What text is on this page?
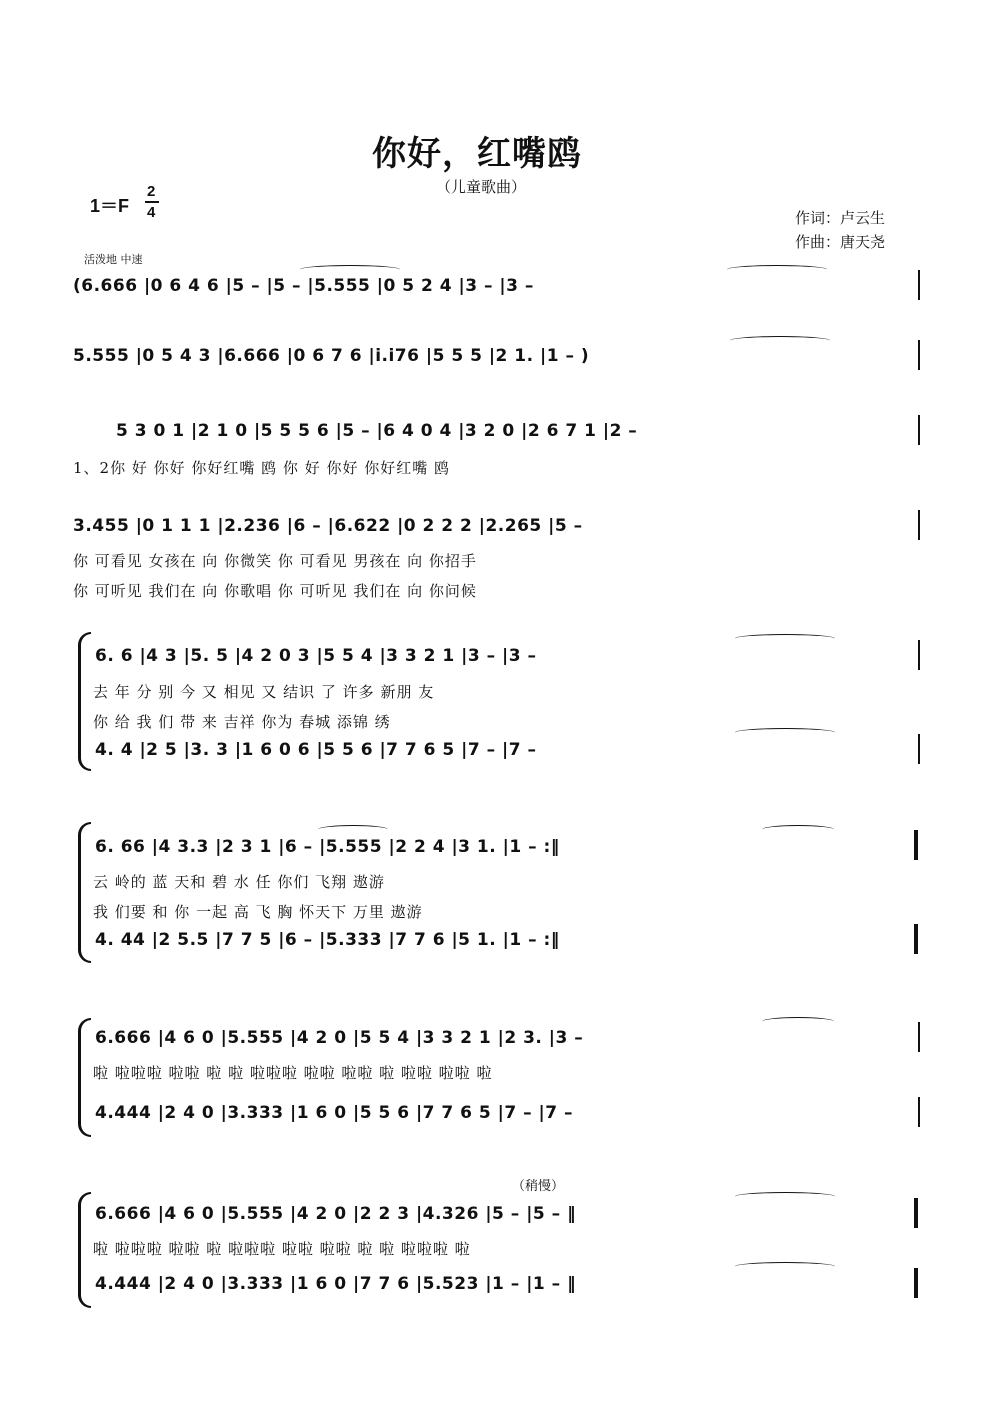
你好，红嘴鸥
（儿童歌曲）
1＝F
2
4	作词：卢云生
作曲：唐天尧
活泼地 中速
(6.666 |0 6 4 6 |5 – |5 – |5.555 |0 5 2 4 |3 – |3 –
5.555 |0 5 4 3 |6.666 |0 6 7 6 |i.i76 |5 5 5 |2 1. |1 – )
5 3 0 1 |2 1 0 |5 5 5 6 |5 – |6 4 0 4 |3 2 0 |2 6 7 1 |2 –
1、2你 好 你好 你好红嘴 鸥 你 好 你好 你好红嘴 鸥
3.455 |0 1 1 1 |2.236 |6 – |6.622 |0 2 2 2 |2.265 |5 –
你 可看见 女孩在 向 你微笑 你 可看见 男孩在 向 你招手
你 可听见 我们在 向 你歌唱 你 可听见 我们在 向 你问候
6. 6 |4 3 |5. 5 |4 2 0 3 |5 5 4 |3 3 2 1 |3 – |3 –
去 年 分 别 今 又 相见 又 结识 了 许多 新朋 友
你 给 我 们 带 来 吉祥 你为 春城 添锦 绣
4. 4 |2 5 |3. 3 |1 6 0 6 |5 5 6 |7 7 6 5 |7 – |7 –
6. 66 |4 3.3 |2 3 1 |6 – |5.555 |2 2 4 |3 1. |1 – :‖
云 岭的 蓝 天和 碧 水 任 你们 飞翔 遨游
我 们要 和 你 一起 高 飞 胸 怀天下 万里 遨游
4. 44 |2 5.5 |7 7 5 |6 – |5.333 |7 7 6 |5 1. |1 – :‖
6.666 |4 6 0 |5.555 |4 2 0 |5 5 4 |3 3 2 1 |2 3. |3 –
啦 啦啦啦 啦啦 啦 啦 啦啦啦 啦啦 啦啦 啦 啦啦 啦啦 啦
4.444 |2 4 0 |3.333 |1 6 0 |5 5 6 |7 7 6 5 |7 – |7 –
（稍慢）
6.666 |4 6 0 |5.555 |4 2 0 |2 2 3 |4.326 |5 – |5 – ‖
啦 啦啦啦 啦啦 啦 啦啦啦 啦啦 啦啦 啦 啦 啦啦啦 啦
4.444 |2 4 0 |3.333 |1 6 0 |7 7 6 |5.523 |1 – |1 – ‖
